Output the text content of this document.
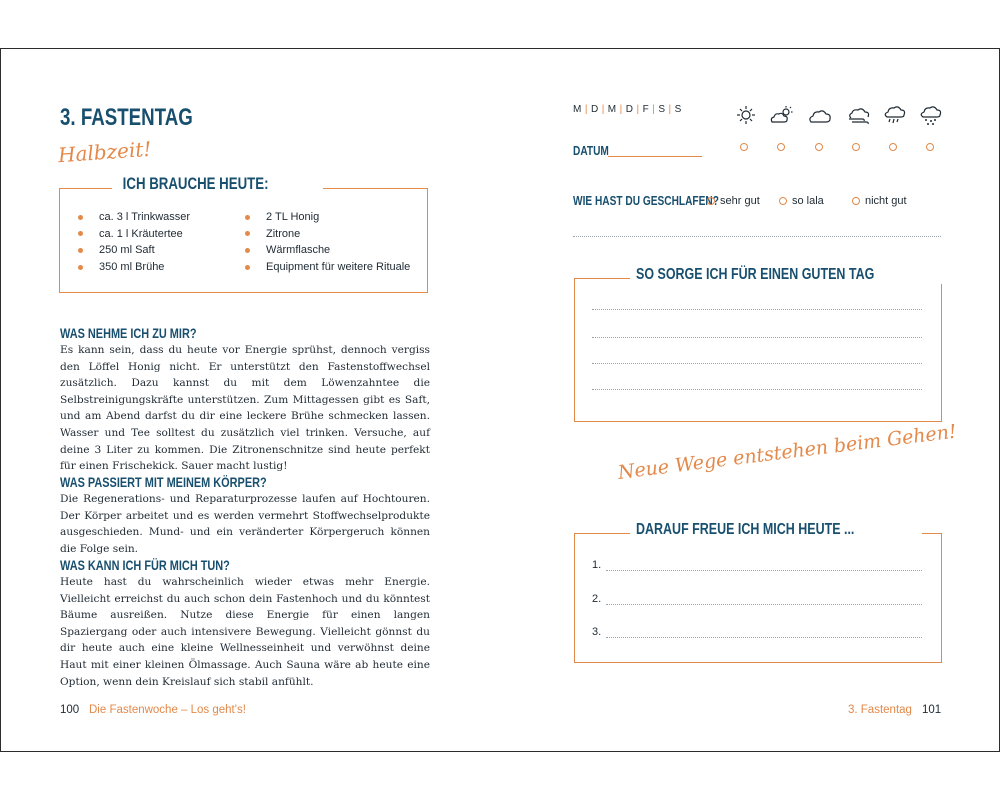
3. FASTENTAG
Halbzeit!
ICH BRAUCHE HEUTE:
ca. 3 l Trinkwasser
ca. 1 l Kräutertee
250 ml Saft
350 ml Brühe
2 TL Honig
Zitrone
Wärmflasche
Equipment für weitere Rituale
WAS NEHME ICH ZU MIR?

Es kann sein, dass du heute vor Energie sprühst, dennoch vergiss den Löffel Honig nicht. Er unterstützt den Fastenstoffwechsel zusätzlich. Dazu kannst du mit dem Löwenzahntee die Selbstreinigungskräfte unterstützen. Zum Mittagessen gibt es Saft, und am Abend darfst du dir eine leckere Brühe schmecken lassen. Wasser und Tee solltest du zusätzlich viel trinken. Versuche, auf deine 3 Liter zu kommen. Die Zitronenschnitze sind heute perfekt für einen Frischekick. Sauer macht lustig!

WAS PASSIERT MIT MEINEM KÖRPER?

Die Regenerations- und Reparaturprozesse laufen auf Hochtouren. Der Körper arbeitet und es werden vermehrt Stoffwechselprodukte ausgeschieden. Mund- und ein veränderter Körpergeruch können die Folge sein.

WAS KANN ICH FÜR MICH TUN?

Heute hast du wahrscheinlich wieder etwas mehr Energie. Vielleicht erreichst du auch schon dein Fastenhoch und du könntest Bäume ausreißen. Nutze diese Energie für einen langen Spaziergang oder auch intensivere Bewegung. Vielleicht gönnst du dir heute auch eine kleine Wellnesseinheit und verwöhnst deine Haut mit einer kleinen Ölmassage. Auch Sauna wäre ab heute eine Option, wenn dein Kreislauf sich stabil anfühlt.

100 Die Fastenwoche – Los geht's!
M | D | M | D | F | S | S
DATUM
WIE HAST DU GESCHLAFEN? sehr gut	so lala	nicht gut
SO SORGE ICH FÜR EINEN GUTEN TAG
Neue Wege entstehen beim Gehen!
DARAUF FREUE ICH MICH HEUTE ...
1.
2.
3.
3. Fastentag 101
